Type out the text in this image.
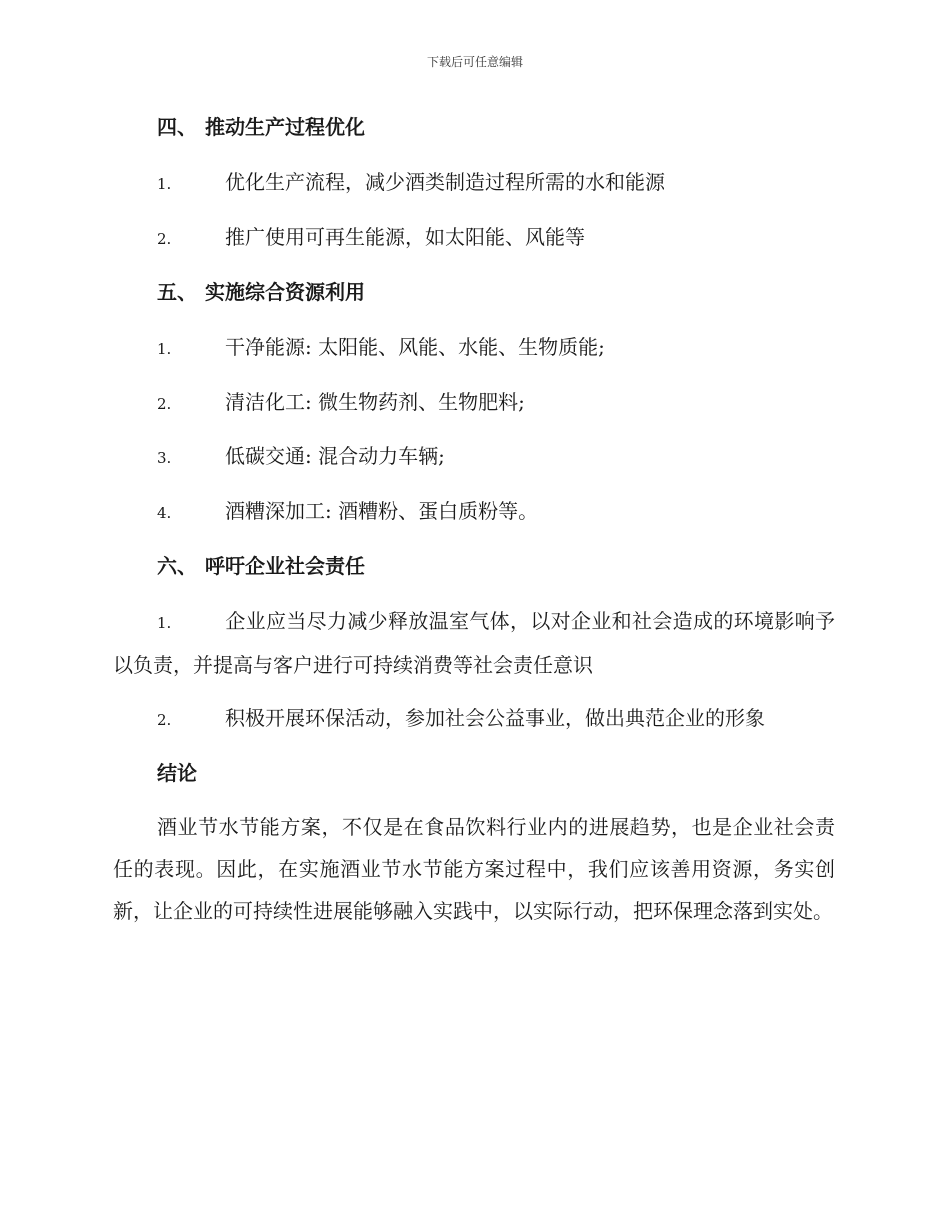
下载后可任意编辑
四、 推动生产过程优化
1.	优化生产流程，减少酒类制造过程所需的水和能源
2.	推广使用可再生能源，如太阳能、风能等
五、 实施综合资源利用
1.	干净能源: 太阳能、风能、水能、生物质能;
2.	清洁化工: 微生物药剂、生物肥料;
3.	低碳交通: 混合动力车辆;
4.	酒糟深加工: 酒糟粉、蛋白质粉等。
六、 呼吁企业社会责任
1.	企业应当尽力减少释放温室气体，以对企业和社会造成的环境影响予以负责，并提高与客户进行可持续消费等社会责任意识
2.	积极开展环保活动，参加社会公益事业，做出典范企业的形象
结论
酒业节水节能方案，不仅是在食品饮料行业内的进展趋势，也是企业社会责任的表现。因此，在实施酒业节水节能方案过程中，我们应该善用资源，务实创新，让企业的可持续性进展能够融入实践中，以实际行动，把环保理念落到实处。
